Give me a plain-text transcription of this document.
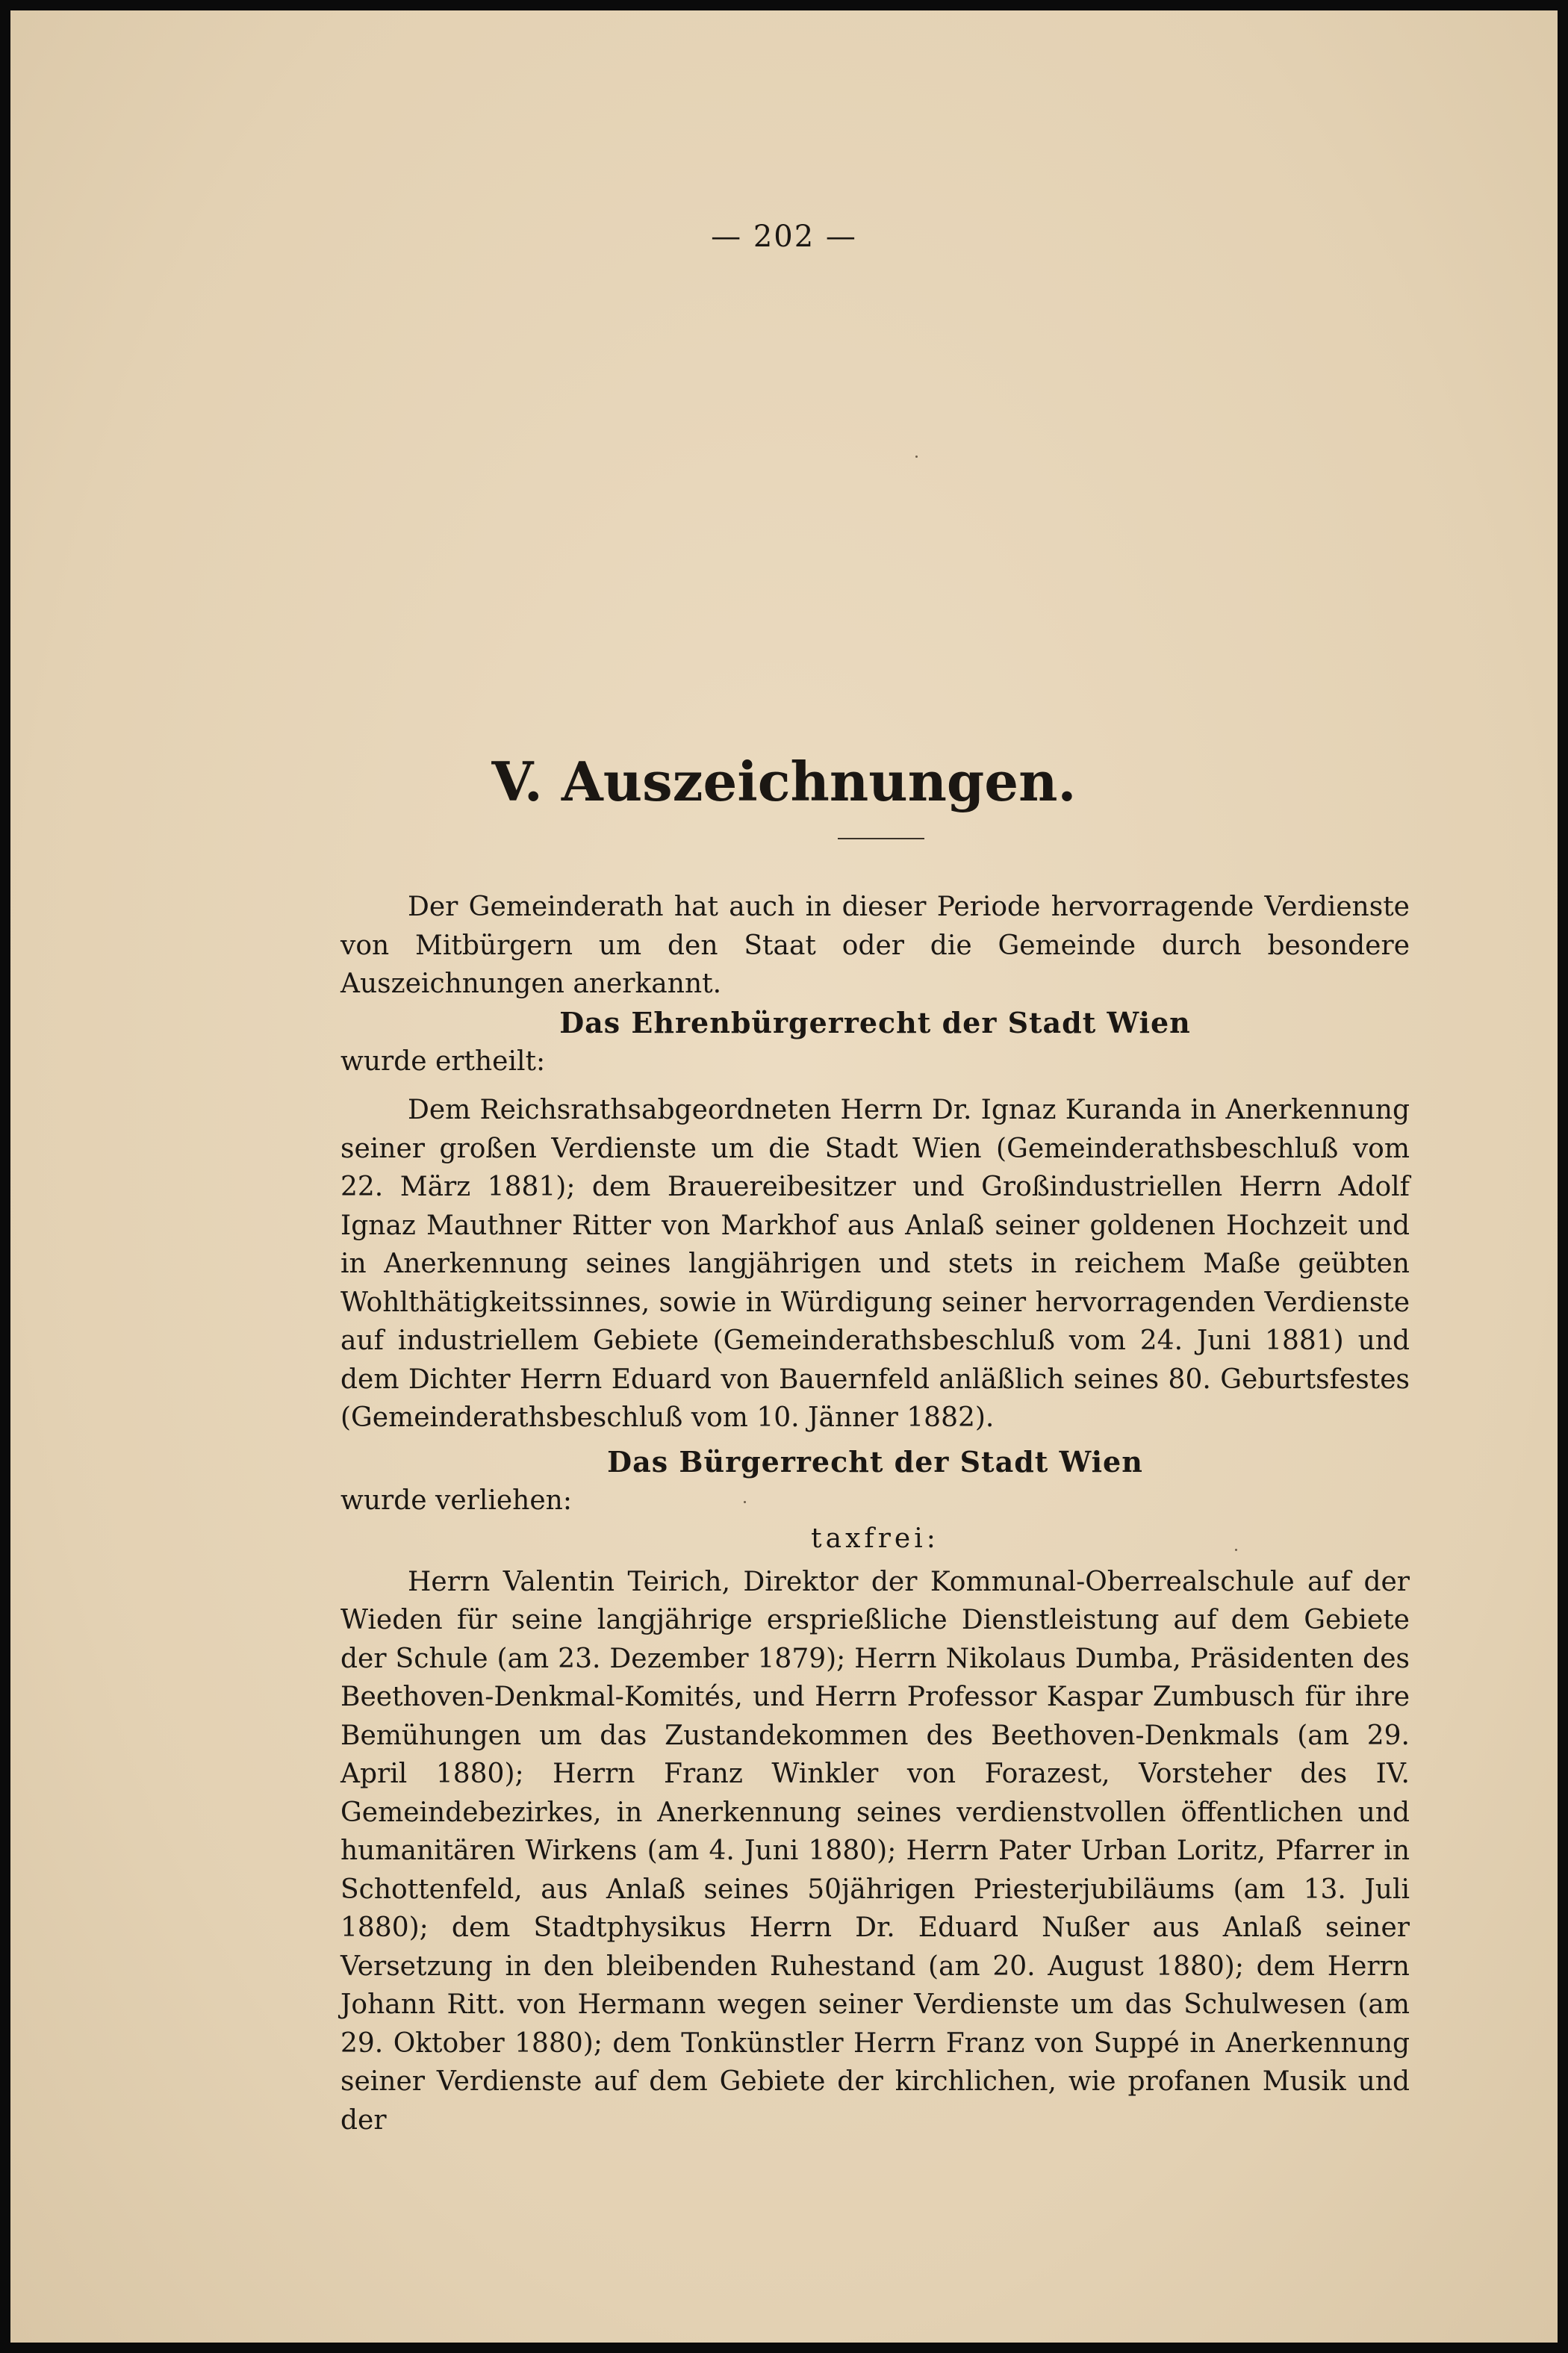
— 202 —
V. Auszeichnungen.

Der Gemeinderath hat auch in dieser Periode hervorragende Verdienste von Mitbürgern um den Staat oder die Gemeinde durch besondere Auszeichnungen anerkannt.

Das Ehrenbürgerrecht der Stadt Wien

wurde ertheilt:

Dem Reichsrathsabgeordneten Herrn Dr. Ignaz Kuranda in Anerkennung seiner großen Verdienste um die Stadt Wien (Gemeinderathsbeschluß vom 22. März 1881); dem Brauereibesitzer und Großindustriellen Herrn Adolf Ignaz Mauthner Ritter von Markhof aus Anlaß seiner goldenen Hochzeit und in Anerkennung seines langjährigen und stets in reichem Maße geübten Wohlthätigkeitssinnes, sowie in Würdigung seiner hervorragenden Verdienste auf industriellem Gebiete (Gemeinderathsbeschluß vom 24. Juni 1881) und dem Dichter Herrn Eduard von Bauernfeld anläßlich seines 80. Geburtsfestes (Gemeinderathsbeschluß vom 10. Jänner 1882).

Das Bürgerrecht der Stadt Wien

wurde verliehen:

taxfrei:

Herrn Valentin Teirich, Direktor der Kommunal-Oberrealschule auf der Wieden für seine langjährige ersprießliche Dienstleistung auf dem Gebiete der Schule (am 23. Dezember 1879); Herrn Nikolaus Dumba, Präsidenten des Beethoven-Denkmal-Komités, und Herrn Professor Kaspar Zumbusch für ihre Bemühungen um das Zustandekommen des Beethoven-Denkmals (am 29. April 1880); Herrn Franz Winkler von Forazest, Vorsteher des IV. Gemeindebezirkes, in Anerkennung seines verdienstvollen öffentlichen und humanitären Wirkens (am 4. Juni 1880); Herrn Pater Urban Loritz, Pfarrer in Schottenfeld, aus Anlaß seines 50jährigen Priesterjubiläums (am 13. Juli 1880); dem Stadtphysikus Herrn Dr. Eduard Nußer aus Anlaß seiner Versetzung in den bleibenden Ruhestand (am 20. August 1880); dem Herrn Johann Ritt. von Hermann wegen seiner Verdienste um das Schulwesen (am 29. Oktober 1880); dem Tonkünstler Herrn Franz von Suppé in Anerkennung seiner Verdienste auf dem Gebiete der kirchlichen, wie profanen Musik und der
